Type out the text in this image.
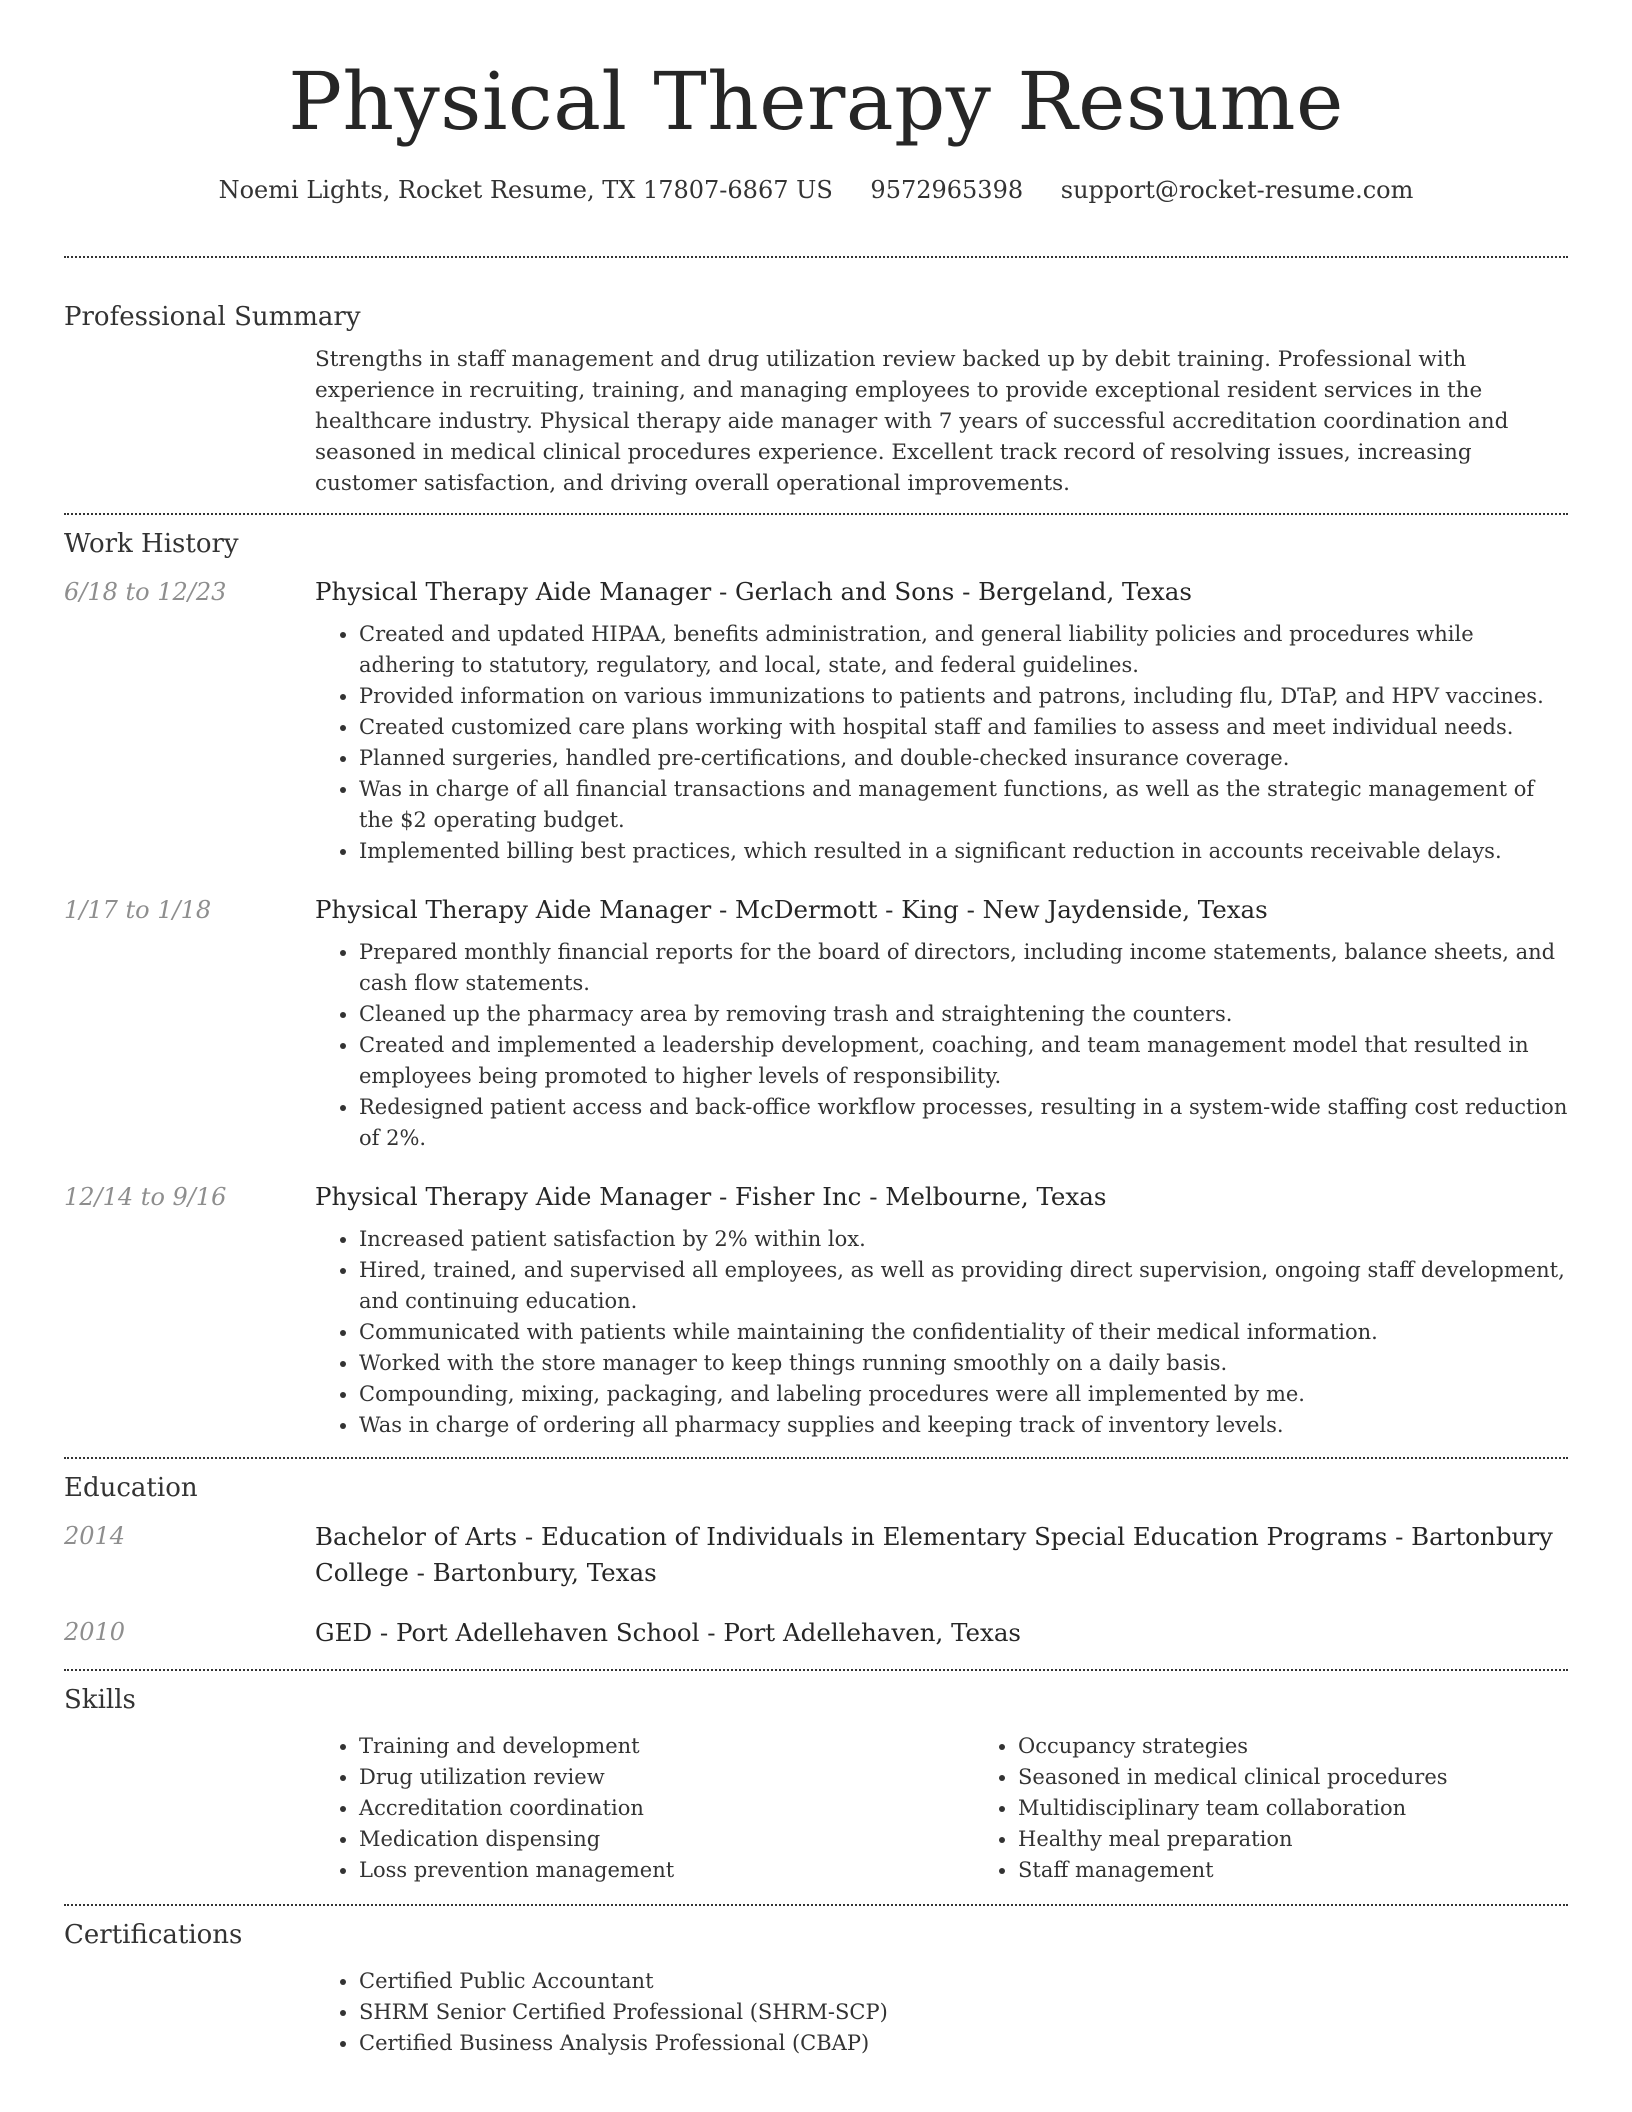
Physical Therapy Resume
Noemi Lights, Rocket Resume, TX 17807-6867 US 9572965398 support@rocket-resume.com
Professional Summary
Strengths in staff management and drug utilization review backed up by debit training. Professional with experience in recruiting, training, and managing employees to provide exceptional resident services in the healthcare industry. Physical therapy aide manager with 7 years of successful accreditation coordination and seasoned in medical clinical procedures experience. Excellent track record of resolving issues, increasing customer satisfaction, and driving overall operational improvements.
Work History
6/18 to 12/23	Physical Therapy Aide Manager - Gerlach and Sons - Bergeland, Texas
• Created and updated HIPAA, benefits administration, and general liability policies and procedures while adhering to statutory, regulatory, and local, state, and federal guidelines.
• Provided information on various immunizations to patients and patrons, including flu, DTaP, and HPV vaccines.
• Created customized care plans working with hospital staff and families to assess and meet individual needs.
• Planned surgeries, handled pre-certifications, and double-checked insurance coverage.
• Was in charge of all financial transactions and management functions, as well as the strategic management of the $2 operating budget.
• Implemented billing best practices, which resulted in a significant reduction in accounts receivable delays.
1/17 to 1/18	Physical Therapy Aide Manager - McDermott - King - New Jaydenside, Texas
• Prepared monthly financial reports for the board of directors, including income statements, balance sheets, and cash flow statements.
• Cleaned up the pharmacy area by removing trash and straightening the counters.
• Created and implemented a leadership development, coaching, and team management model that resulted in employees being promoted to higher levels of responsibility.
• Redesigned patient access and back-office workflow processes, resulting in a system-wide staffing cost reduction of 2%.
12/14 to 9/16	Physical Therapy Aide Manager - Fisher Inc - Melbourne, Texas
• Increased patient satisfaction by 2% within lox.
• Hired, trained, and supervised all employees, as well as providing direct supervision, ongoing staff development, and continuing education.
• Communicated with patients while maintaining the confidentiality of their medical information.
• Worked with the store manager to keep things running smoothly on a daily basis.
• Compounding, mixing, packaging, and labeling procedures were all implemented by me.
• Was in charge of ordering all pharmacy supplies and keeping track of inventory levels.
Education
2014	Bachelor of Arts - Education of Individuals in Elementary Special Education Programs - Bartonbury College - Bartonbury, Texas
2010	GED - Port Adellehaven School - Port Adellehaven, Texas
Skills
• Training and development
• Drug utilization review
• Accreditation coordination
• Medication dispensing
• Loss prevention management
• Occupancy strategies
• Seasoned in medical clinical procedures
• Multidisciplinary team collaboration
• Healthy meal preparation
• Staff management
Certifications
• Certified Public Accountant
• SHRM Senior Certified Professional (SHRM-SCP)
• Certified Business Analysis Professional (CBAP)
